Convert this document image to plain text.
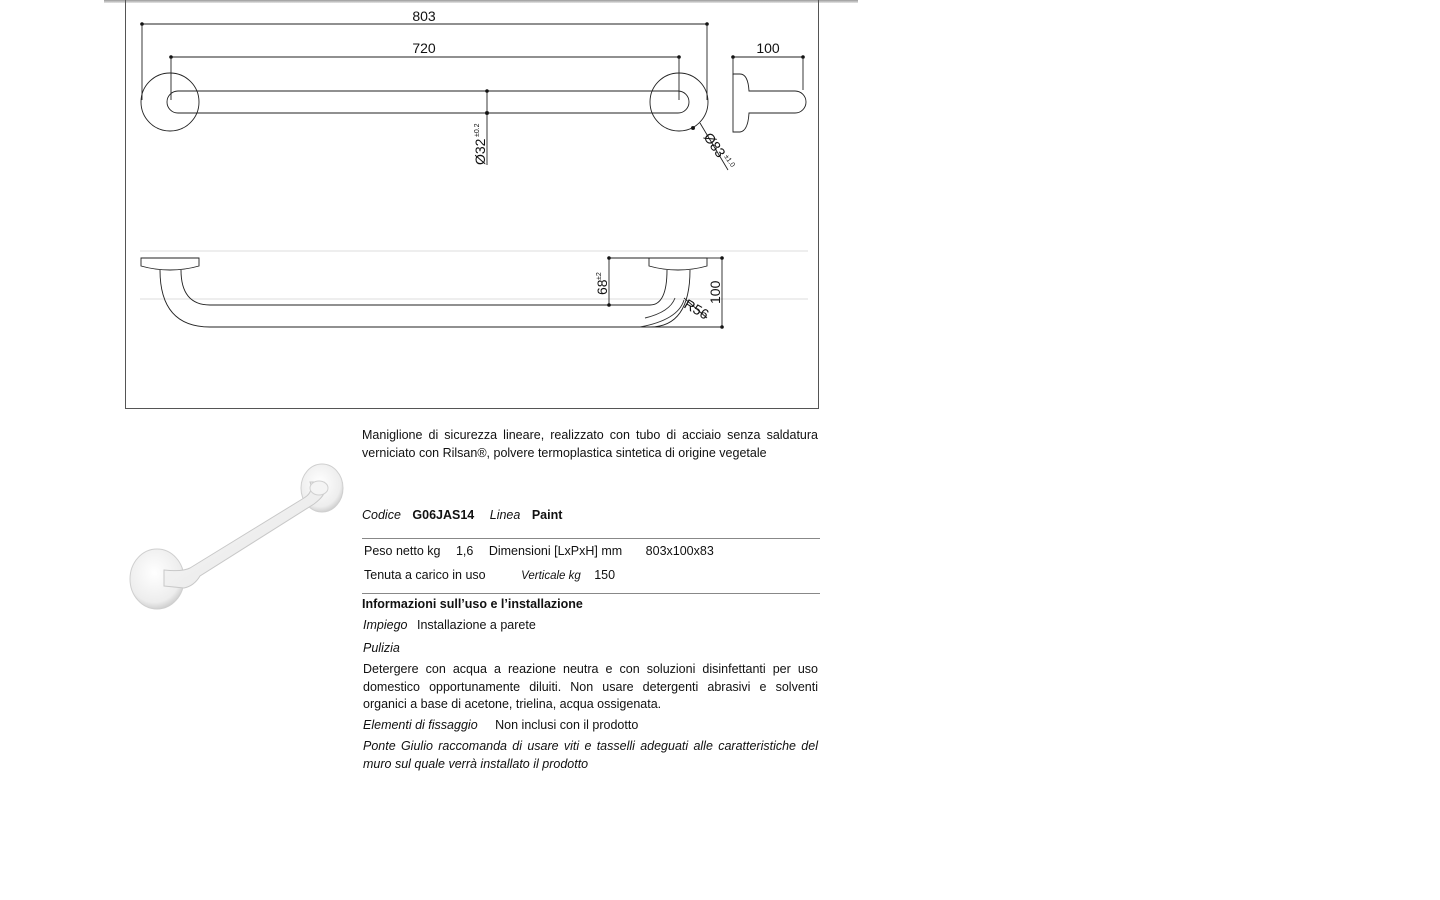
803
720	100
Ø32
±0.2	Ø83
±1.0
68
±2
100
R56
Maniglione di sicurezza lineare, realizzato con tubo di acciaio senza saldatura verniciato con Rilsan®, polvere termoplastica sintetica di origine vegetale
Codice G06JAS14 Linea Paint
Peso netto kg 1,6 Dimensioni [LxPxH] mm 803x100x83
Tenuta a carico in uso	Verticale kg 150
Informazioni sull’uso e l’installazione
Impiego Installazione a parete
Pulizia
Detergere con acqua a reazione neutra e con soluzioni disinfettanti per uso domestico opportunamente diluiti. Non usare detergenti abrasivi e solventi organici a base di acetone, trielina, acqua ossigenata.
Elementi di fissaggio Non inclusi con il prodotto
Ponte Giulio raccomanda di usare viti e tasselli adeguati alle caratteristiche del muro sul quale verrà installato il prodotto
